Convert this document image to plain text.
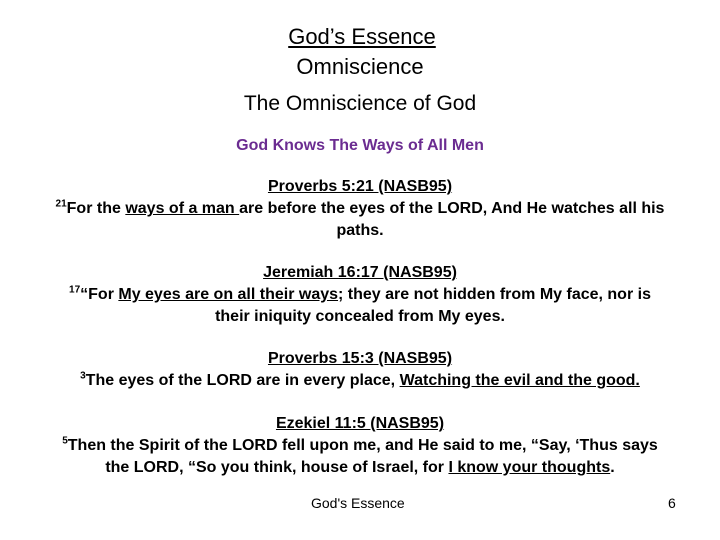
God’s Essence
Omniscience
The Omniscience of God
God Knows The Ways of All Men
Proverbs 5:21 (NASB95)
$^{21}$For the ways of a man are before the eyes of the LORD, And He watches all his
paths.
Jeremiah 16:17 (NASB95)
$^{17}$“For My eyes are on all their ways; they are not hidden from My face, nor is
their iniquity concealed from My eyes.
Proverbs 15:3 (NASB95)
$^3$The eyes of the LORD are in every place, Watching the evil and the good.
Ezekiel 11:5 (NASB95)
$^5$Then the Spirit of the LORD fell upon me, and He said to me, “Say, ‘Thus says
the LORD, “So you think, house of Israel, for I know your thoughts.
God's Essence	6
